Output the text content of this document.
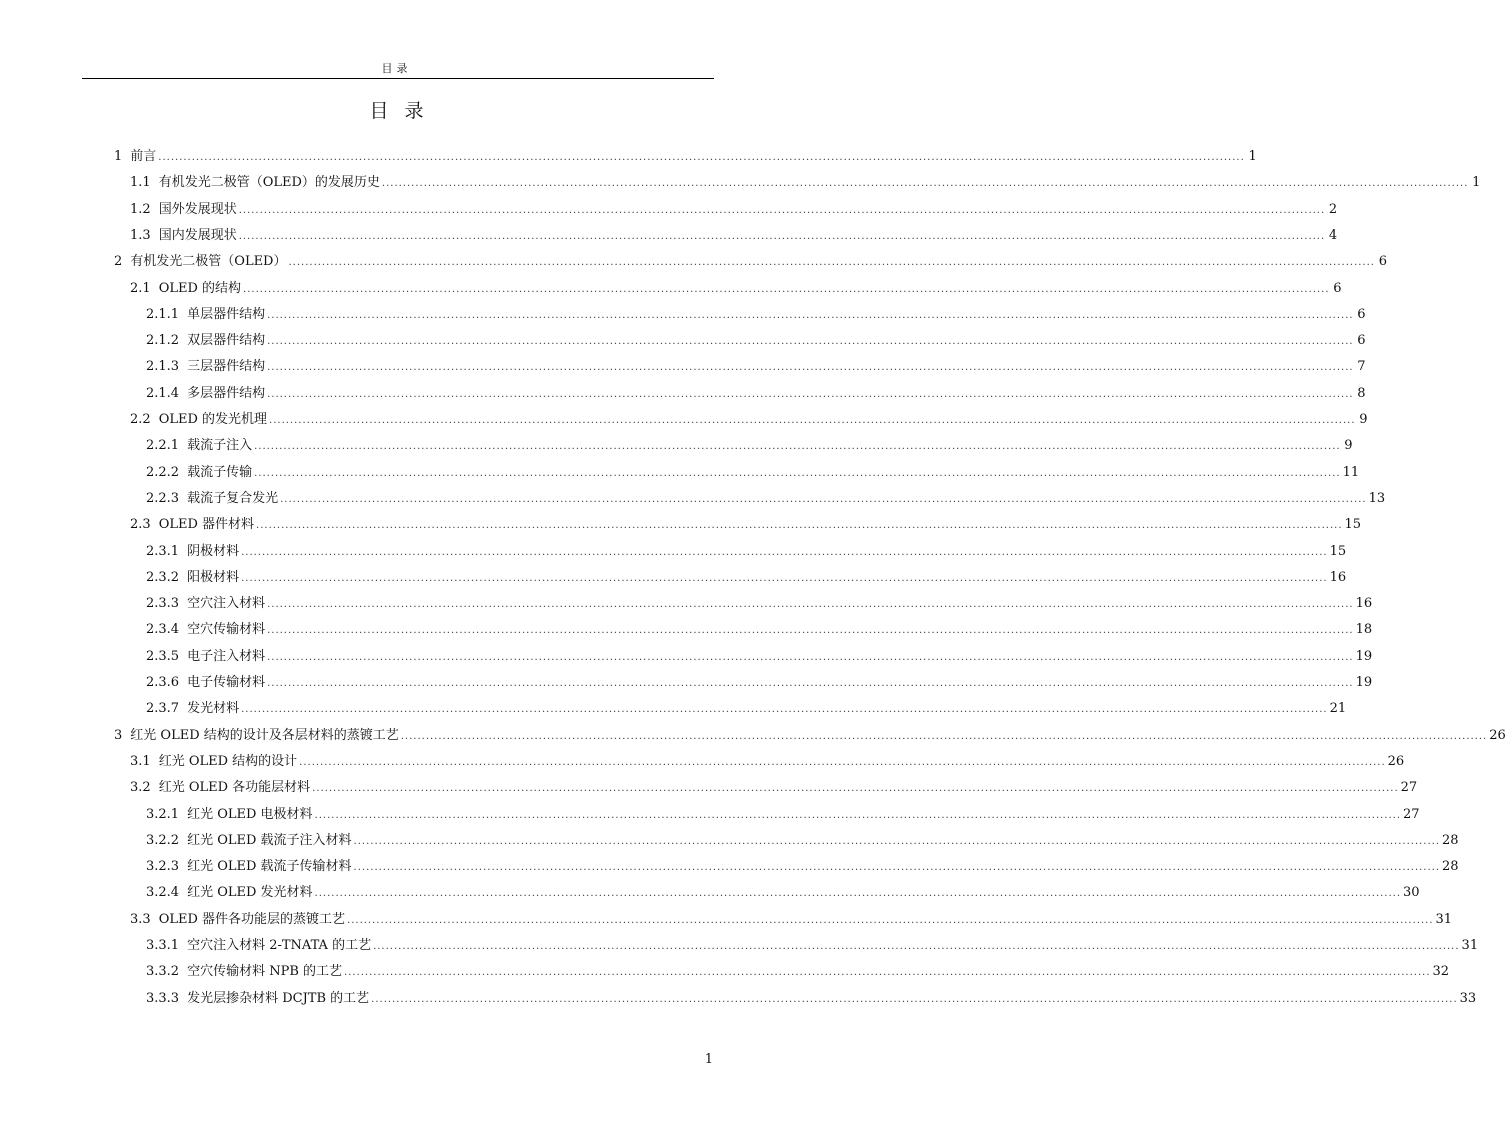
目录
目 录
1 前言 .................................................................................................................................................................................................................................................................... 1
1.1 有机发光二极管（OLED）的发展历史 .................................................................................................................................................................................................................................................................... 1
1.2 国外发展现状 .................................................................................................................................................................................................................................................................... 2
1.3 国内发展现状 .................................................................................................................................................................................................................................................................... 4
2 有机发光二极管（OLED） .................................................................................................................................................................................................................................................................... 6
2.1 OLED 的结构 .................................................................................................................................................................................................................................................................... 6
2.1.1 单层器件结构 .................................................................................................................................................................................................................................................................... 6
2.1.2 双层器件结构 .................................................................................................................................................................................................................................................................... 6
2.1.3 三层器件结构 .................................................................................................................................................................................................................................................................... 7
2.1.4 多层器件结构 .................................................................................................................................................................................................................................................................... 8
2.2 OLED 的发光机理 .................................................................................................................................................................................................................................................................... 9
2.2.1 载流子注入 .................................................................................................................................................................................................................................................................... 9
2.2.2 载流子传输 .................................................................................................................................................................................................................................................................... 11
2.2.3 载流子复合发光 .................................................................................................................................................................................................................................................................... 13
2.3 OLED 器件材料 .................................................................................................................................................................................................................................................................... 15
2.3.1 阴极材料 .................................................................................................................................................................................................................................................................... 15
2.3.2 阳极材料 .................................................................................................................................................................................................................................................................... 16
2.3.3 空穴注入材料 .................................................................................................................................................................................................................................................................... 16
2.3.4 空穴传输材料 .................................................................................................................................................................................................................................................................... 18
2.3.5 电子注入材料 .................................................................................................................................................................................................................................................................... 19
2.3.6 电子传输材料 .................................................................................................................................................................................................................................................................... 19
2.3.7 发光材料 .................................................................................................................................................................................................................................................................... 21
3 红光 OLED 结构的设计及各层材料的蒸镀工艺 .................................................................................................................................................................................................................................................................... 26
3.1 红光 OLED 结构的设计 .................................................................................................................................................................................................................................................................... 26
3.2 红光 OLED 各功能层材料 .................................................................................................................................................................................................................................................................... 27
3.2.1 红光 OLED 电极材料 .................................................................................................................................................................................................................................................................... 27
3.2.2 红光 OLED 载流子注入材料 .................................................................................................................................................................................................................................................................... 28
3.2.3 红光 OLED 载流子传输材料 .................................................................................................................................................................................................................................................................... 28
3.2.4 红光 OLED 发光材料 .................................................................................................................................................................................................................................................................... 30
3.3 OLED 器件各功能层的蒸镀工艺 .................................................................................................................................................................................................................................................................... 31
3.3.1 空穴注入材料 2-TNATA 的工艺 .................................................................................................................................................................................................................................................................... 31
3.3.2 空穴传输材料 NPB 的工艺 .................................................................................................................................................................................................................................................................... 32
3.3.3 发光层掺杂材料 DCJTB 的工艺 .................................................................................................................................................................................................................................................................... 33
1
